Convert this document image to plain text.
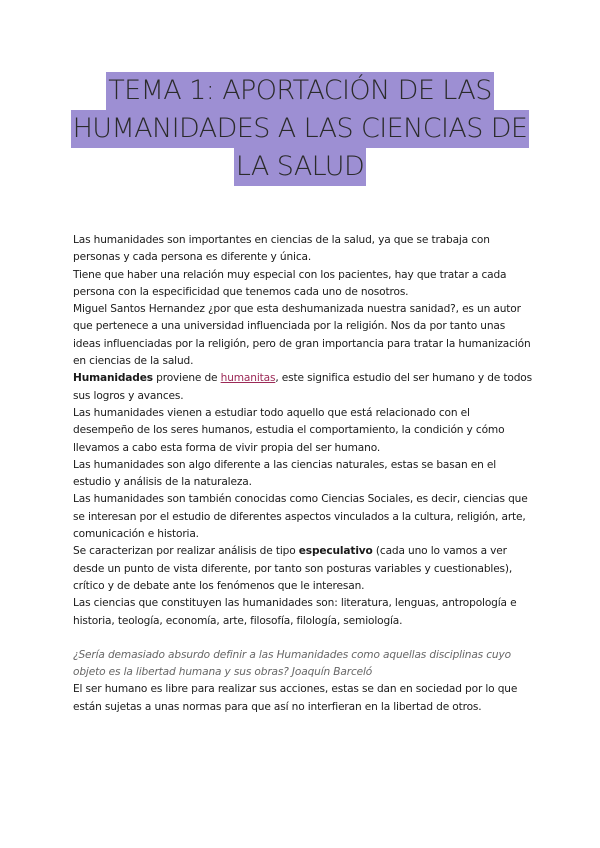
TEMA 1: APORTACIÓN DE LAS
HUMANIDADES A LAS CIENCIAS DE
LA SALUD

Las humanidades son importantes en ciencias de la salud, ya que se trabaja con personas y cada persona es diferente y única.

Tiene que haber una relación muy especial con los pacientes, hay que tratar a cada persona con la especificidad que tenemos cada uno de nosotros.

Miguel Santos Hernandez ¿por que esta deshumanizada nuestra sanidad?, es un autor que pertenece a una universidad influenciada por la religión. Nos da por tanto unas ideas influenciadas por la religión, pero de gran importancia para tratar la humanización en ciencias de la salud.

Humanidades proviene de humanitas, este significa estudio del ser humano y de todos sus logros y avances.

Las humanidades vienen a estudiar todo aquello que está relacionado con el desempeño de los seres humanos, estudia el comportamiento, la condición y cómo llevamos a cabo esta forma de vivir propia del ser humano.

Las humanidades son algo diferente a las ciencias naturales, estas se basan en el estudio y análisis de la naturaleza.

Las humanidades son también conocidas como Ciencias Sociales, es decir, ciencias que se interesan por el estudio de diferentes aspectos vinculados a la cultura, religión, arte, comunicación e historia.

Se caracterizan por realizar análisis de tipo especulativo (cada uno lo vamos a ver desde un punto de vista diferente, por tanto son posturas variables y cuestionables), crítico y de debate ante los fenómenos que le interesan.

Las ciencias que constituyen las humanidades son: literatura, lenguas, antropología e historia, teología, economía, arte, filosofía, filología, semiología.

¿Sería demasiado absurdo definir a las Humanidades como aquellas disciplinas cuyo objeto es la libertad humana y sus obras? Joaquín Barceló

El ser humano es libre para realizar sus acciones, estas se dan en sociedad por lo que están sujetas a unas normas para que así no interfieran en la libertad de otros.
